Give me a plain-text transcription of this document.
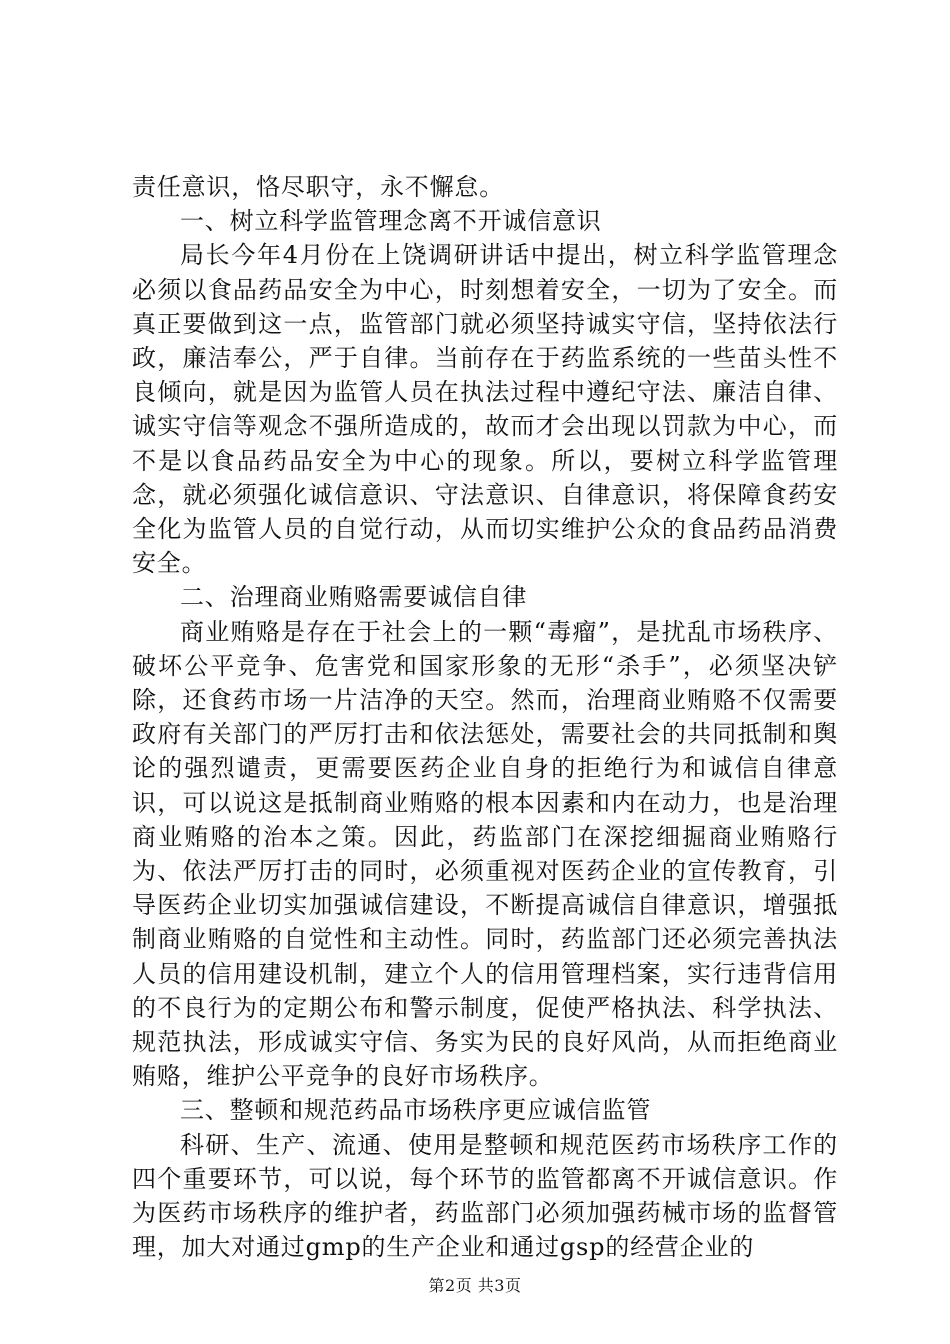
责任意识，恪尽职守，永不懈怠。

一、树立科学监管理念离不开诚信意识

局长今年4月份在上饶调研讲话中提出，树立科学监管理念必须以食品药品安全为中心，时刻想着安全，一切为了安全。而真正要做到这一点，监管部门就必须坚持诚实守信，坚持依法行政，廉洁奉公，严于自律。当前存在于药监系统的一些苗头性不良倾向，就是因为监管人员在执法过程中遵纪守法、廉洁自律、诚实守信等观念不强所造成的，故而才会出现以罚款为中心，而不是以食品药品安全为中心的现象。所以，要树立科学监管理念，就必须强化诚信意识、守法意识、自律意识，将保障食药安全化为监管人员的自觉行动，从而切实维护公众的食品药品消费安全。

二、治理商业贿赂需要诚信自律

商业贿赂是存在于社会上的一颗“毒瘤”，是扰乱市场秩序、破坏公平竞争、危害党和国家形象的无形“杀手”，必须坚决铲除，还食药市场一片洁净的天空。然而，治理商业贿赂不仅需要政府有关部门的严厉打击和依法惩处，需要社会的共同抵制和舆论的强烈谴责，更需要医药企业自身的拒绝行为和诚信自律意识，可以说这是抵制商业贿赂的根本因素和内在动力，也是治理商业贿赂的治本之策。因此，药监部门在深挖细掘商业贿赂行为、依法严厉打击的同时，必须重视对医药企业的宣传教育，引导医药企业切实加强诚信建设，不断提高诚信自律意识，增强抵制商业贿赂的自觉性和主动性。同时，药监部门还必须完善执法人员的信用建设机制，建立个人的信用管理档案，实行违背信用的不良行为的定期公布和警示制度，促使严格执法、科学执法、规范执法，形成诚实守信、务实为民的良好风尚，从而拒绝商业贿赂，维护公平竞争的良好市场秩序。

三、整顿和规范药品市场秩序更应诚信监管

科研、生产、流通、使用是整顿和规范医药市场秩序工作的四个重要环节，可以说，每个环节的监管都离不开诚信意识。作为医药市场秩序的维护者，药监部门必须加强药械市场的监督管理，加大对通过gmp的生产企业和通过gsp的经营企业的

第2页 共3页
